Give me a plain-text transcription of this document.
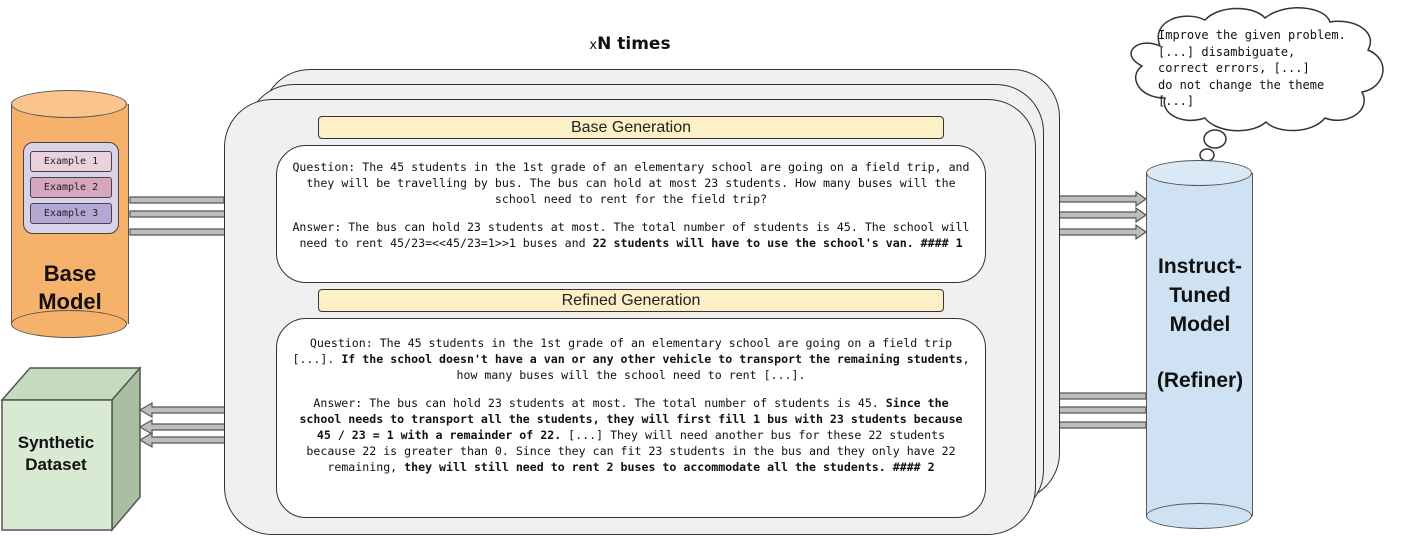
xN times
Base Generation

Question: The 45 students in the 1st grade of an elementary school are going on a field trip, and they will be travelling by bus. The bus can hold at most 23 students. How many buses will the school need to rent for the field trip?

Answer: The bus can hold 23 students at most. The total number of students is 45. The school will need to rent 45/23=<<45/23=1>>1 buses and 22 students will have to use the school's van. #### 1

Refined Generation

Question: The 45 students in the 1st grade of an elementary school are going on a field trip [...]. If the school doesn't have a van or any other vehicle to transport the remaining students, how many buses will the school need to rent [...].

Answer: The bus can hold 23 students at most. The total number of students is 45. Since the school needs to transport all the students, they will first fill 1 bus with 23 students because 45 / 23 = 1 with a remainder of 22. [...] They will need another bus for these 22 students because 22 is greater than 0. Since they can fit 23 students in the bus and they only have 22 remaining, they will still need to rent 2 buses to accommodate all the students. #### 2

Example 1
Example 2
Example 3
Base
Model
Instruct-
Tuned
Model
(Refiner)
Improve the given problem.
[...] disambiguate,
correct errors, [...]
do not change the theme
[...]
Synthetic
Dataset
